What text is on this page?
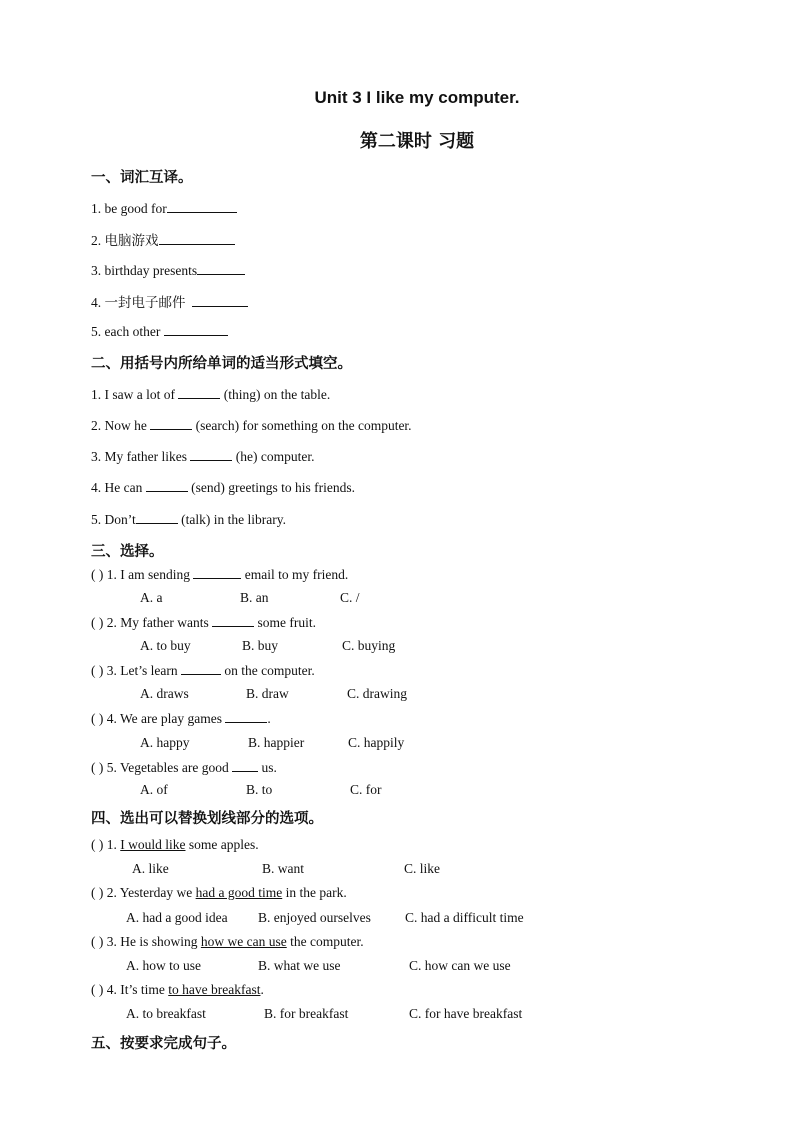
Unit 3 I like my computer.
第二课时 习题
一、词汇互译。
1. be good for
2. 电脑游戏
3. birthday presents
4. 一封电子邮件
5. each other
二、用括号内所给单词的适当形式填空。
1. I saw a lot of	(thing) on the table.
2. Now he	(search) for something on the computer.
3. My father likes	(he) computer.
4. He can	(send) greetings to his friends.
5. Don’t	(talk) in the library.
三、选择。
( ) 1. I am sending	email to my friend.
A. a	B. an	C. /
( ) 2. My father wants	some fruit.
A. to buy	B. buy	C. buying
( ) 3. Let’s learn	on the computer.
A. draws	B. draw	C. drawing
( ) 4. We are play games	.
A. happy	B. happier	C. happily
( ) 5. Vegetables are good us.
A. of	B. to	C. for
四、选出可以替换划线部分的选项。
( ) 1. I would like some apples.
A. like	B. want	C. like
( ) 2. Yesterday we had a good time in the park.
A. had a good idea B. enjoyed ourselves	C. had a difficult time
( ) 3. He is showing how we can use the computer.
A. how to use	B. what we use	C. how can we use
( ) 4. It’s time to have breakfast.
A. to breakfast	B. for breakfast	C. for have breakfast
五、按要求完成句子。
